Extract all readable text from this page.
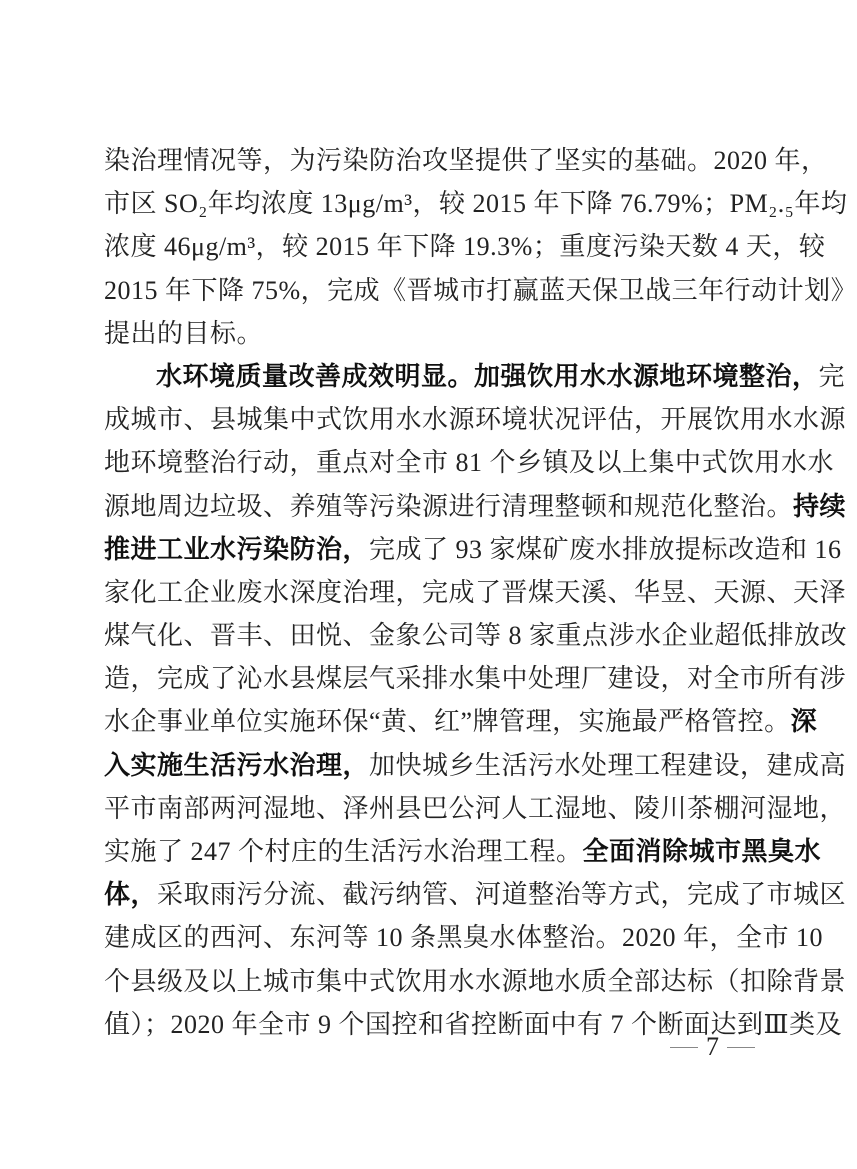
染治理情况等，为污染防治攻坚提供了坚实的基础。2020 年，
市区 SO₂年均浓度 13μg/m³，较 2015 年下降 76.79%；PM₂.₅年均
浓度 46μg/m³，较 2015 年下降 19.3%；重度污染天数 4 天，较
2015 年下降 75%，完成《晋城市打赢蓝天保卫战三年行动计划》
提出的目标。
水环境质量改善成效明显。加强饮用水水源地环境整治，完
成城市、县城集中式饮用水水源环境状况评估，开展饮用水水源
地环境整治行动，重点对全市 81 个乡镇及以上集中式饮用水水
源地周边垃圾、养殖等污染源进行清理整顿和规范化整治。持续
推进工业水污染防治，完成了 93 家煤矿废水排放提标改造和 16
家化工企业废水深度治理，完成了晋煤天溪、华昱、天源、天泽
煤气化、晋丰、田悦、金象公司等 8 家重点涉水企业超低排放改
造，完成了沁水县煤层气采排水集中处理厂建设，对全市所有涉
水企事业单位实施环保“黄、红”牌管理，实施最严格管控。深
入实施生活污水治理，加快城乡生活污水处理工程建设，建成高
平市南部两河湿地、泽州县巴公河人工湿地、陵川茶棚河湿地，
实施了 247 个村庄的生活污水治理工程。全面消除城市黑臭水
体，采取雨污分流、截污纳管、河道整治等方式，完成了市城区
建成区的西河、东河等 10 条黑臭水体整治。2020 年，全市 10
个县级及以上城市集中式饮用水水源地水质全部达标（扣除背景
值）；2020 年全市 9 个国控和省控断面中有 7 个断面达到Ⅲ类及
7
